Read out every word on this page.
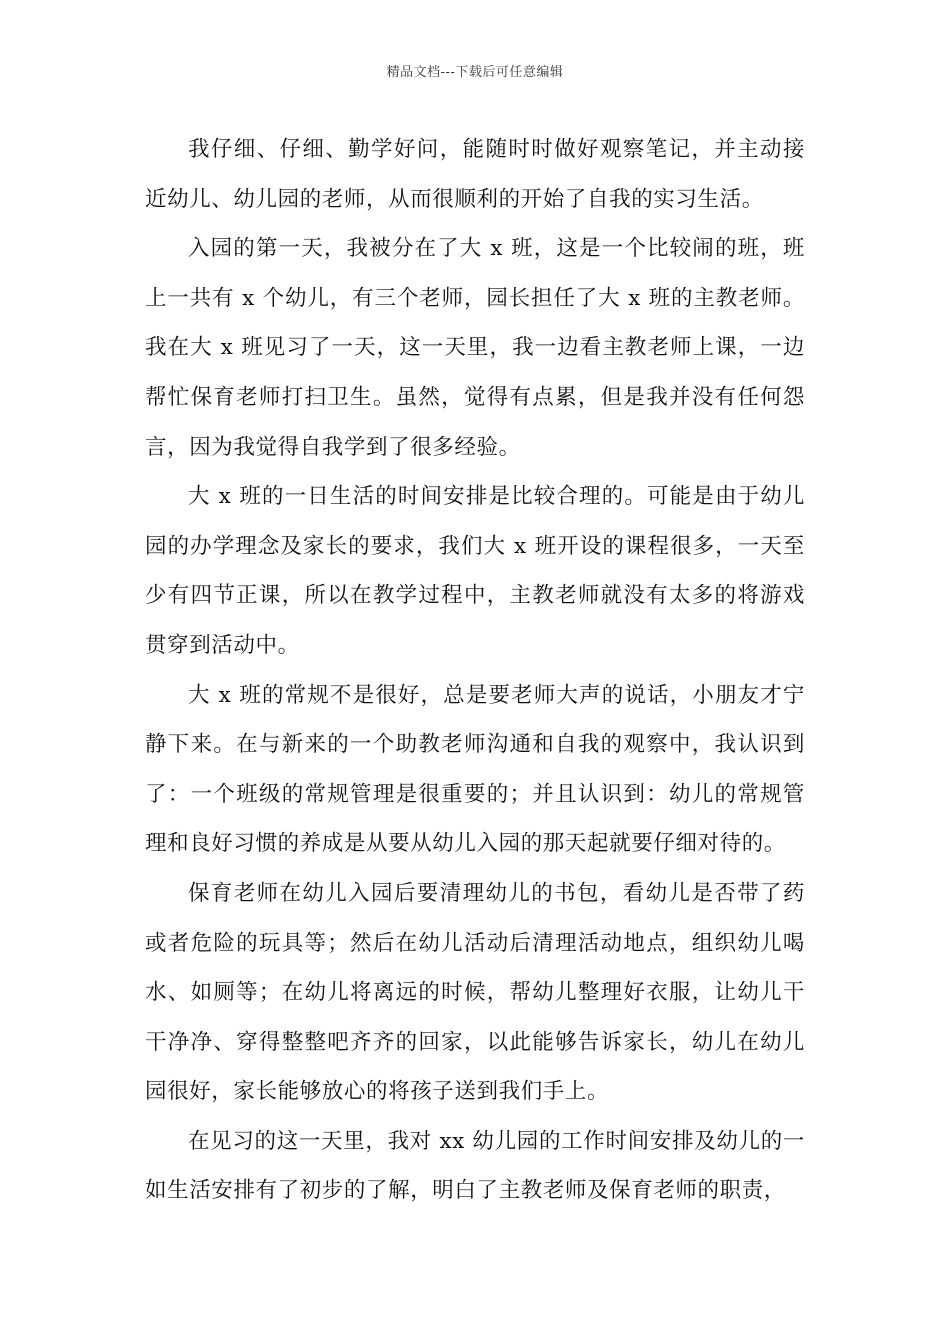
精品文档---下载后可任意编辑

我仔细、仔细、勤学好问，能随时时做好观察笔记，并主动接近幼儿、幼儿园的老师，从而很顺利的开始了自我的实习生活。

入园的第一天，我被分在了大 x 班，这是一个比较闹的班，班上一共有 x 个幼儿，有三个老师，园长担任了大 x 班的主教老师。我在大 x 班见习了一天，这一天里，我一边看主教老师上课，一边帮忙保育老师打扫卫生。虽然，觉得有点累，但是我并没有任何怨言，因为我觉得自我学到了很多经验。

大 x 班的一日生活的时间安排是比较合理的。可能是由于幼儿园的办学理念及家长的要求，我们大 x 班开设的课程很多，一天至少有四节正课，所以在教学过程中，主教老师就没有太多的将游戏贯穿到活动中。

大 x 班的常规不是很好，总是要老师大声的说话，小朋友才宁静下来。在与新来的一个助教老师沟通和自我的观察中，我认识到了：一个班级的常规管理是很重要的；并且认识到：幼儿的常规管理和良好习惯的养成是从要从幼儿入园的那天起就要仔细对待的。

保育老师在幼儿入园后要清理幼儿的书包，看幼儿是否带了药或者危险的玩具等；然后在幼儿活动后清理活动地点，组织幼儿喝水、如厕等；在幼儿将离远的时候，帮幼儿整理好衣服，让幼儿干干净净、穿得整整吧齐齐的回家，以此能够告诉家长，幼儿在幼儿园很好，家长能够放心的将孩子送到我们手上。

在见习的这一天里，我对 xx 幼儿园的工作时间安排及幼儿的一如生活安排有了初步的了解，明白了主教老师及保育老师的职责，
